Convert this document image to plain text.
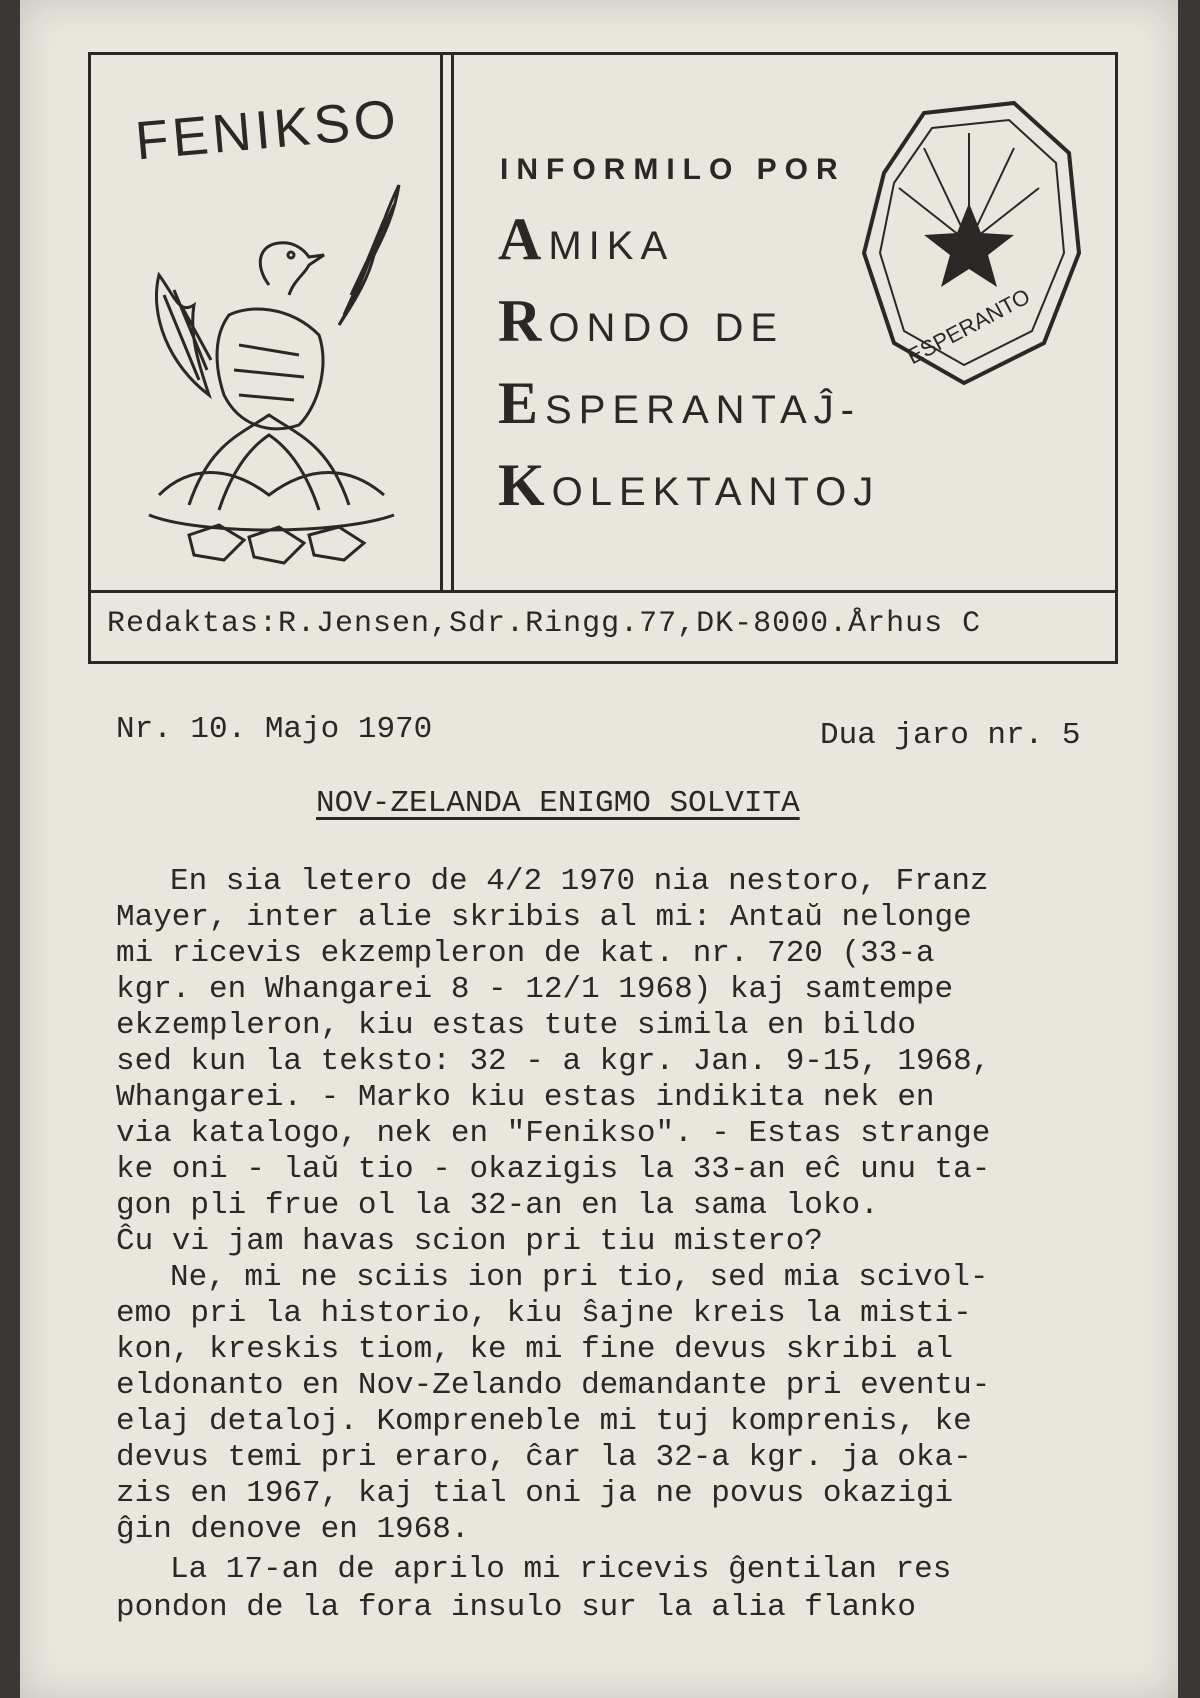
FENIKSO	INFORMILO POR
AMIKA
RONDO DE
ESPERANTAĴ-
KOLEKTANTOJ
ESPERANTO
Redaktas:R.Jensen,Sdr.Ringg.77,DK-8000.Århus C
Nr. 10. Majo 1970	Dua jaro nr. 5
NOV-ZELANDA ENIGMO SOLVITA
En sia letero de 4/2 1970 nia nestoro, Franz
Mayer, inter alie skribis al mi: Antaŭ nelonge
mi ricevis ekzempleron de kat. nr. 720 (33-a
kgr. en Whangarei 8 - 12/1 1968) kaj samtempe
ekzempleron, kiu estas tute simila en bildo
sed kun la teksto: 32 - a kgr. Jan. 9-15, 1968,
Whangarei. - Marko kiu estas indikita nek en
via katalogo, nek en "Fenikso". - Estas strange
ke oni - laŭ tio - okazigis la 33-an eĉ unu ta-
gon pli frue ol la 32-an en la sama loko.
Ĉu vi jam havas scion pri tiu mistero?
Ne, mi ne sciis ion pri tio, sed mia scivol-
emo pri la historio, kiu ŝajne kreis la misti-
kon, kreskis tiom, ke mi fine devus skribi al
eldonanto en Nov-Zelando demandante pri eventu-
elaj detaloj. Kompreneble mi tuj komprenis, ke
devus temi pri eraro, ĉar la 32-a kgr. ja oka-
zis en 1967, kaj tial oni ja ne povus okazigi
ĝin denove en 1968.
La 17-an de aprilo mi ricevis ĝentilan res
pondon de la fora insulo sur la alia flanko
